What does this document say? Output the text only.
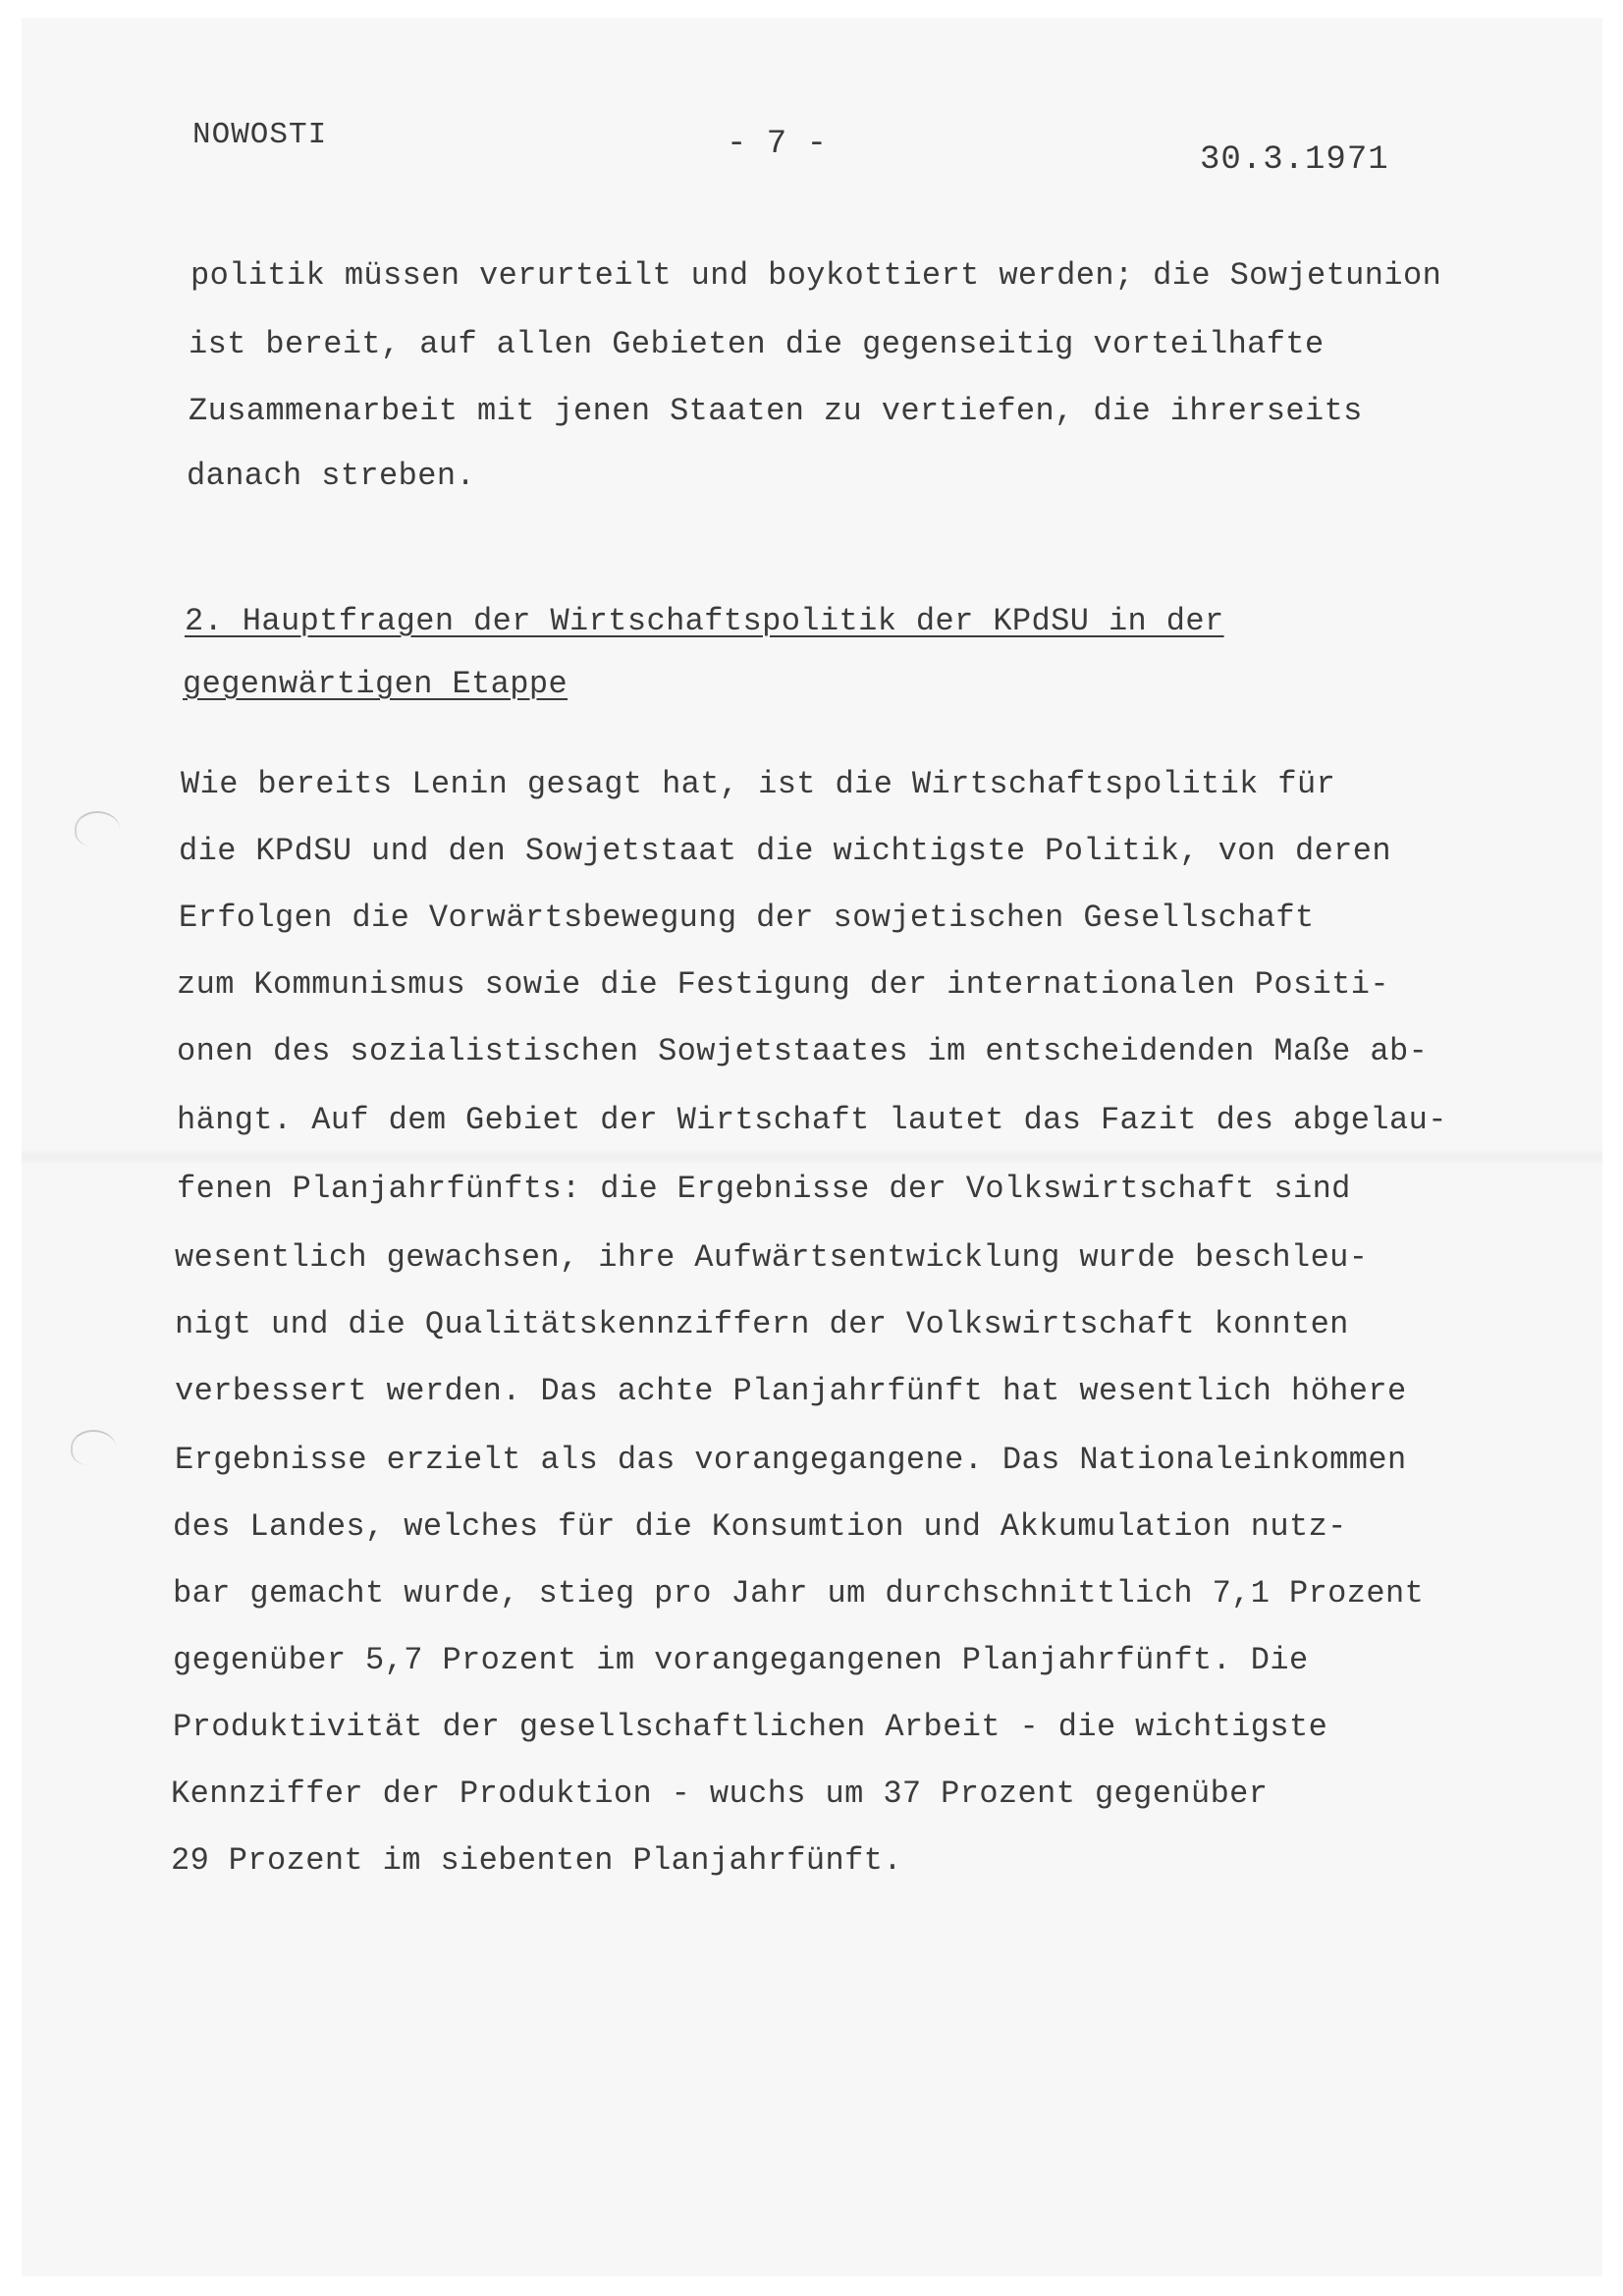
NOWOSTI	- 7 -	30.3.1971
politik müssen verurteilt und boykottiert werden; die Sowjetunion
ist bereit, auf allen Gebieten die gegenseitig vorteilhafte
Zusammenarbeit mit jenen Staaten zu vertiefen, die ihrerseits
danach streben.
2. Hauptfragen der Wirtschaftspolitik der KPdSU in der
gegenwärtigen Etappe
Wie bereits Lenin gesagt hat, ist die Wirtschaftspolitik für
die KPdSU und den Sowjetstaat die wichtigste Politik, von deren
Erfolgen die Vorwärtsbewegung der sowjetischen Gesellschaft
zum Kommunismus sowie die Festigung der internationalen Positi-
onen des sozialistischen Sowjetstaates im entscheidenden Maße ab-
hängt. Auf dem Gebiet der Wirtschaft lautet das Fazit des abgelau-
fenen Planjahrfünfts: die Ergebnisse der Volkswirtschaft sind
wesentlich gewachsen, ihre Aufwärtsentwicklung wurde beschleu-
nigt und die Qualitätskennziffern der Volkswirtschaft konnten
verbessert werden. Das achte Planjahrfünft hat wesentlich höhere
Ergebnisse erzielt als das vorangegangene. Das Nationaleinkommen
des Landes, welches für die Konsumtion und Akkumulation nutz-
bar gemacht wurde, stieg pro Jahr um durchschnittlich 7,1 Prozent
gegenüber 5,7 Prozent im vorangegangenen Planjahrfünft. Die
Produktivität der gesellschaftlichen Arbeit - die wichtigste
Kennziffer der Produktion - wuchs um 37 Prozent gegenüber
29 Prozent im siebenten Planjahrfünft.
